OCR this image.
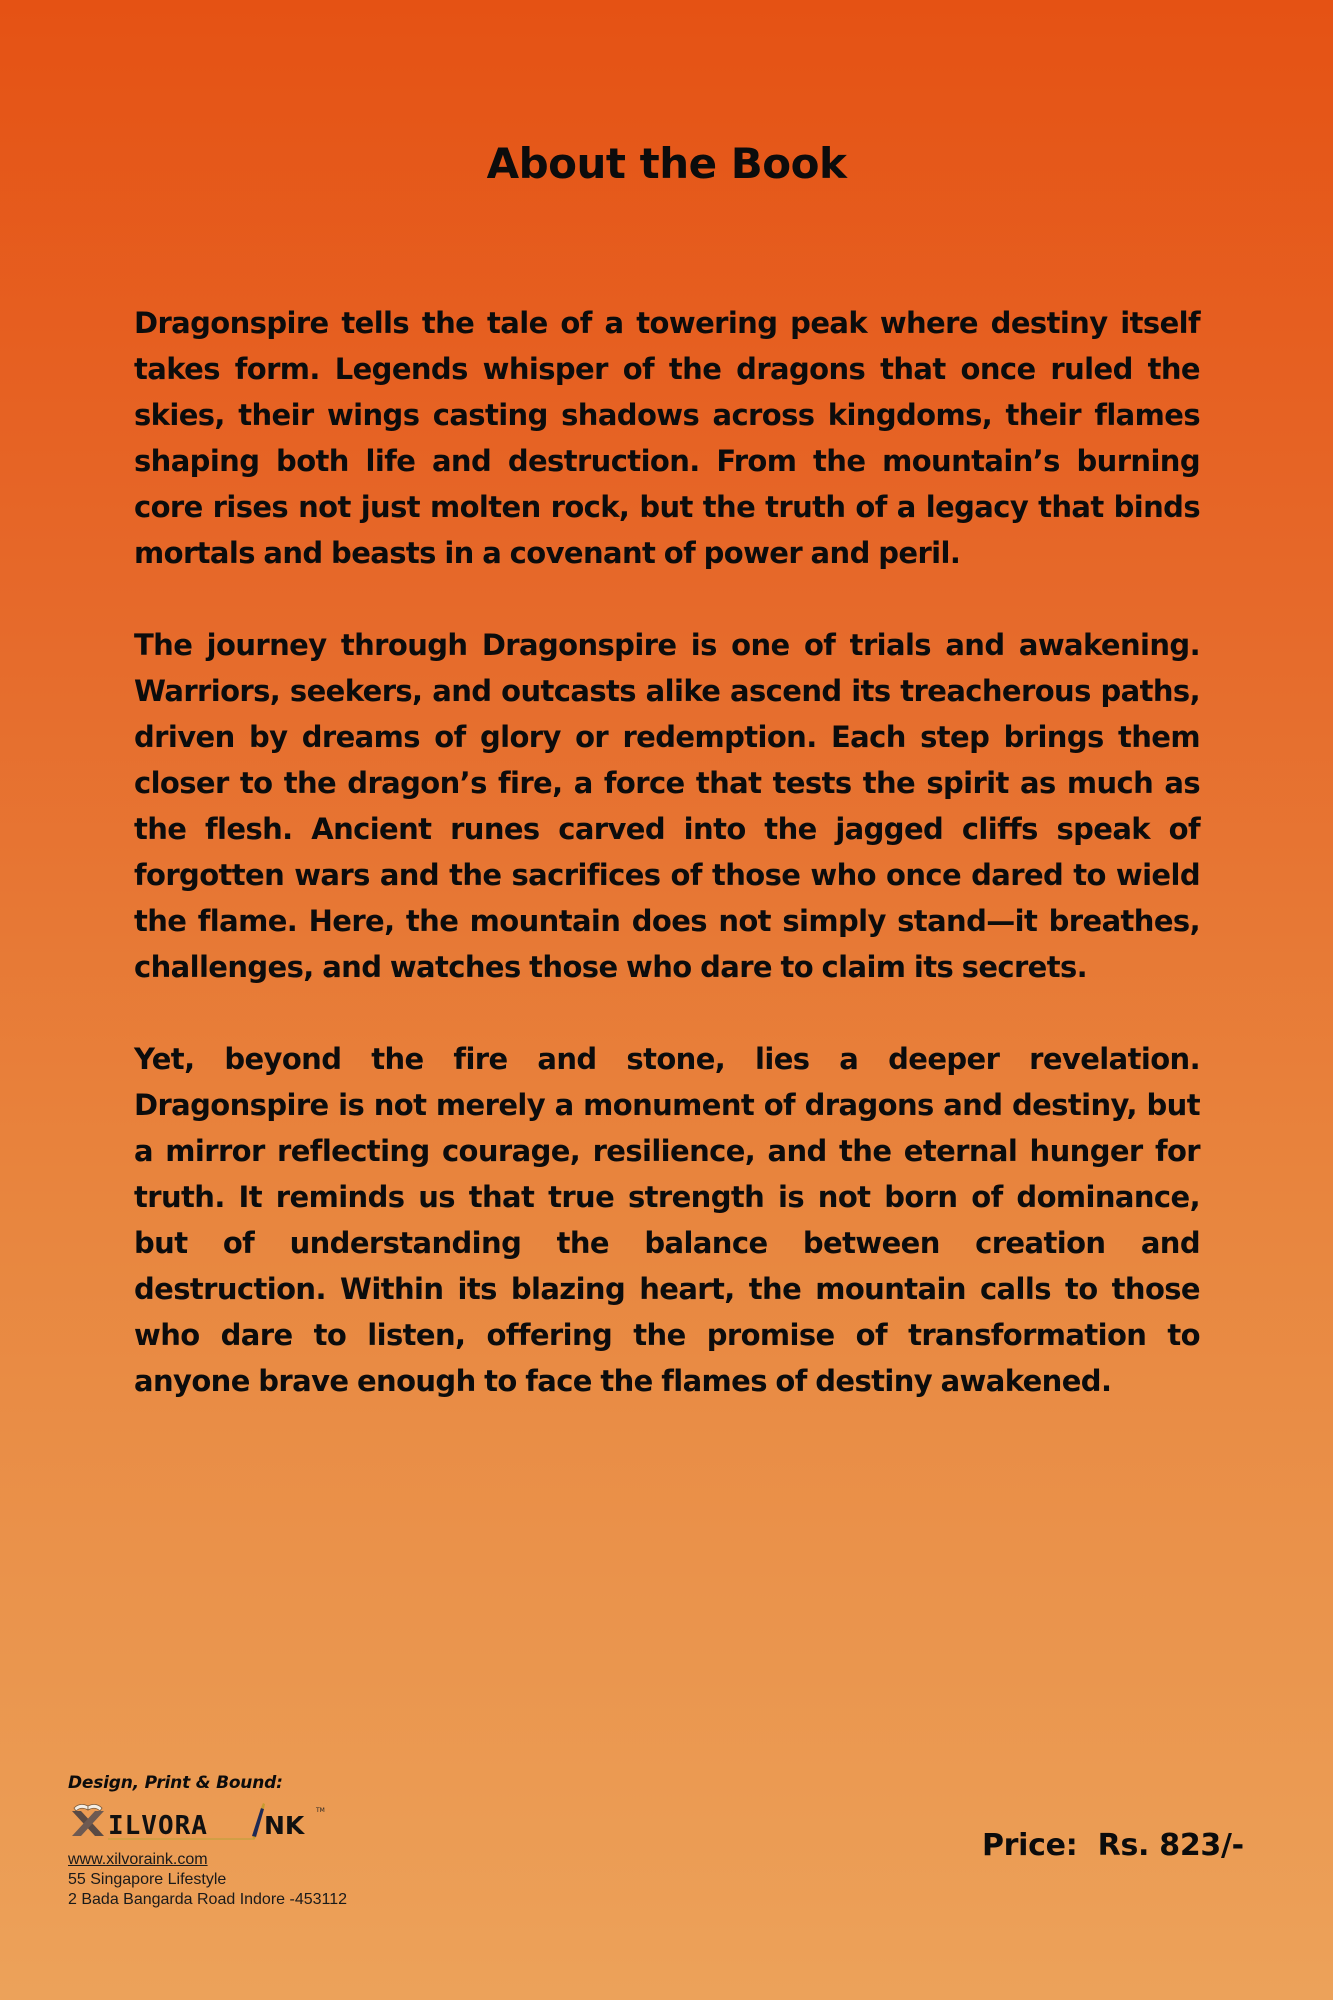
About the Book

Dragonspire tells the tale of a towering peak where destiny itself takes form. Legends whisper of the dragons that once ruled the skies, their wings casting shadows across kingdoms, their flames shaping both life and destruction. From the mountain’s burning core rises not just molten rock, but the truth of a legacy that binds mortals and beasts in a covenant of power and peril.

The journey through Dragonspire is one of trials and awakening. Warriors, seekers, and outcasts alike ascend its treacherous paths, driven by dreams of glory or redemption. Each step brings them closer to the dragon’s fire, a force that tests the spirit as much as the flesh. Ancient runes carved into the jagged cliffs speak of forgotten wars and the sacrifices of those who once dared to wield the flame. Here, the mountain does not simply stand—it breathes, challenges, and watches those who dare to claim its secrets.

Yet, beyond the fire and stone, lies a deeper revelation. Dragonspire is not merely a monument of dragons and destiny, but a mirror reflecting courage, resilience, and the eternal hunger for truth. It reminds us that true strength is not born of dominance, but of understanding the balance between creation and destruction. Within its blazing heart, the mountain calls to those who dare to listen, offering the promise of transformation to anyone brave enough to face the flames of destiny awakened.

Design, Print & Bound:

ILVORA NK
TM
www.xilvoraink.com

55 Singapore Lifestyle

2 Bada Bangarda Road Indore -453112

Price:  Rs. 823/-
